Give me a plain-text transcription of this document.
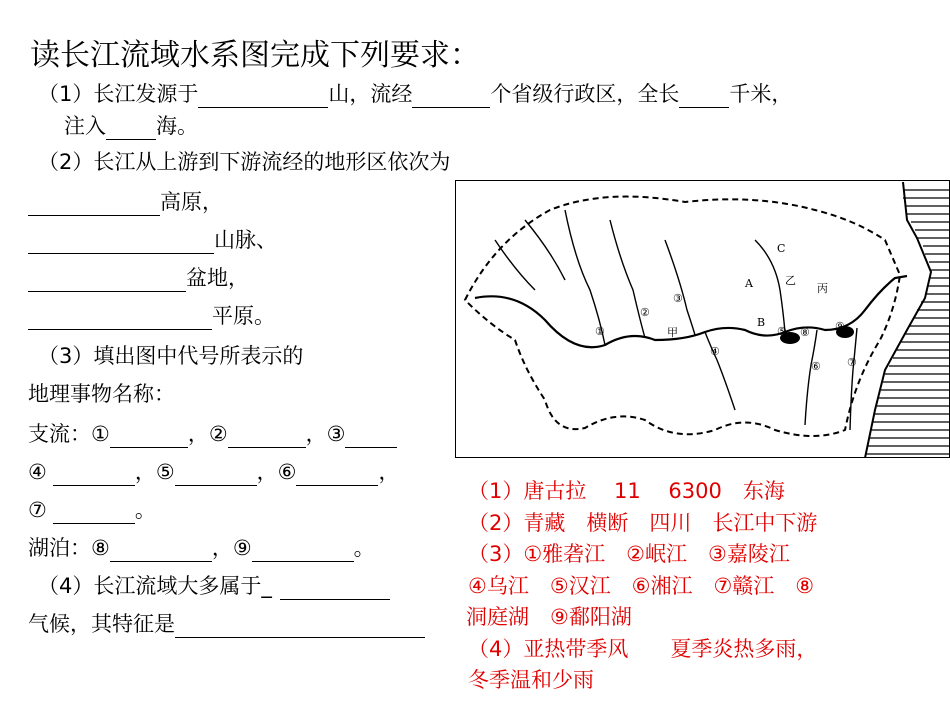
读长江流域水系图完成下列要求：
（1）长江发源于	山，流经	个省级行政区，全长 千米，
注入 海。
（2）长江从上游到下游流经的地形区依次为
高原，
山脉、
盆地，
平原。
（3）填出图中代号所表示的
地理事物名称：
支流：①	，②	，③
④	，⑤	，⑥	，
⑦	。
湖泊：⑧	，⑨	。
（4）长江流域大多属于_
气候，其特征是
C
A
B
甲
乙
丙
①
②
③
④
⑤
⑥ ⑦
⑧ ⑨
（1）唐古拉　 11　 6300　东海
（2）青藏　横断　四川　长江中下游
（3）①雅砻江　②岷江　③嘉陵江
④乌江　⑤汉江　⑥湘江　⑦赣江　⑧
洞庭湖　⑨鄱阳湖
（4）亚热带季风　　夏季炎热多雨，
冬季温和少雨
